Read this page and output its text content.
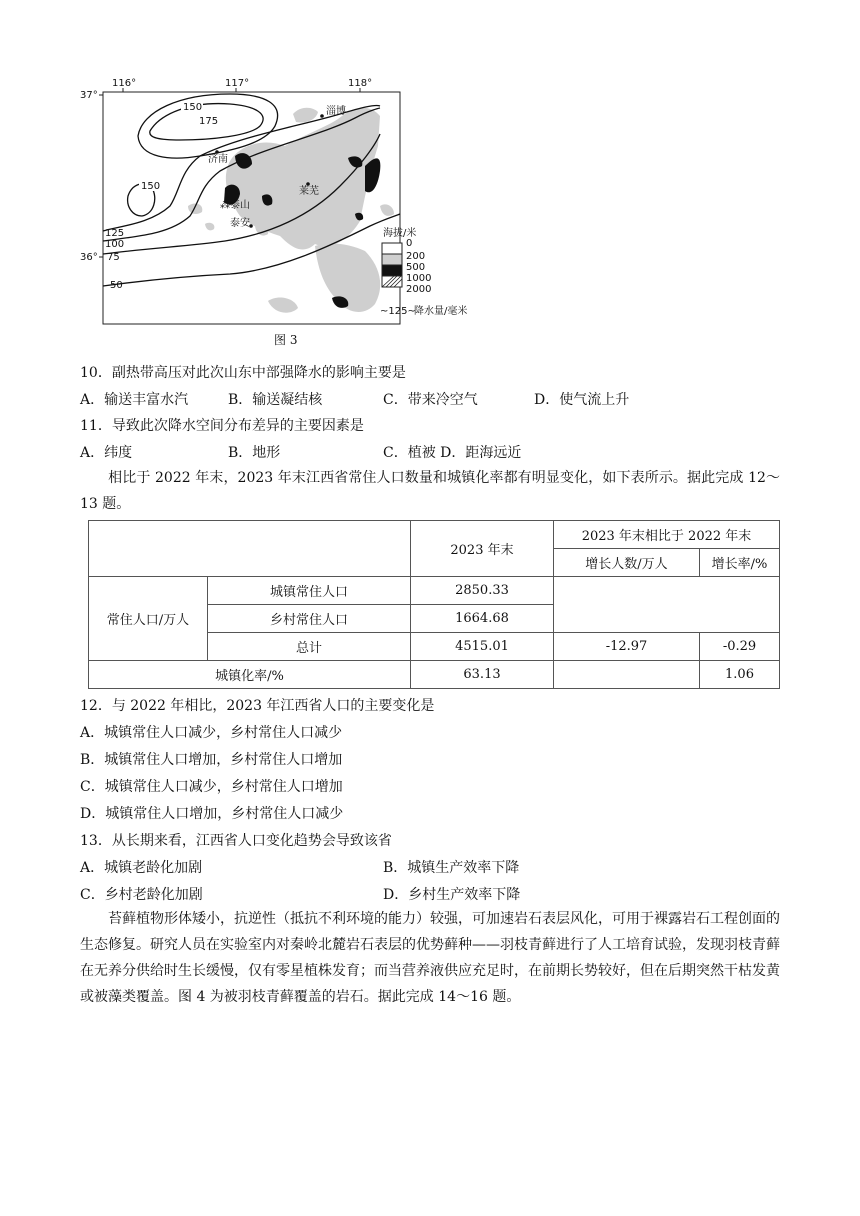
116°	117°	118°
37°
36°
150
175
150
125
100
75
50
淄博
济南
莱芜
⁂ 泰山
泰安
海拔/米
0
200
500
1000
2000
~125~
降水量/毫米
图 3
10．副热带高压对此次山东中部强降水的影响主要是
A．输送丰富水汽	B．输送凝结核	C．带来冷空气	D．使气流上升
11．导致此次降水空间分布差异的主要因素是
A．纬度	B．地形	C．植被 D．距海远近
相比于 2022 年末，2023 年末江西省常住人口数量和城镇化率都有明显变化，如下表所示。据此完成 12～13 题。
		2023 年末	2023 年末相比于 2022 年末	
			增长人数/万人	增长率/%
常住人口/万人	城镇常住人口	2850.33		
	乡村常住人口	1664.68		
	总计	4515.01	-12.97	-0.29
城镇化率/%		63.13		1.06
12．与 2022 年相比，2023 年江西省人口的主要变化是
A．城镇常住人口减少，乡村常住人口减少
B．城镇常住人口增加，乡村常住人口增加
C．城镇常住人口减少，乡村常住人口增加
D．城镇常住人口增加，乡村常住人口减少
13．从长期来看，江西省人口变化趋势会导致该省
A．城镇老龄化加剧	B．城镇生产效率下降
C．乡村老龄化加剧	D．乡村生产效率下降
苔藓植物形体矮小，抗逆性（抵抗不利环境的能力）较强，可加速岩石表层风化，可用于裸露岩石工程创面的生态修复。研究人员在实验室内对秦岭北麓岩石表层的优势藓种——羽枝青藓进行了人工培育试验，发现羽枝青藓在无养分供给时生长缓慢，仅有零星植株发育；而当营养液供应充足时，在前期长势较好，但在后期突然干枯发黄或被藻类覆盖。图 4 为被羽枝青藓覆盖的岩石。据此完成 14～16 题。
